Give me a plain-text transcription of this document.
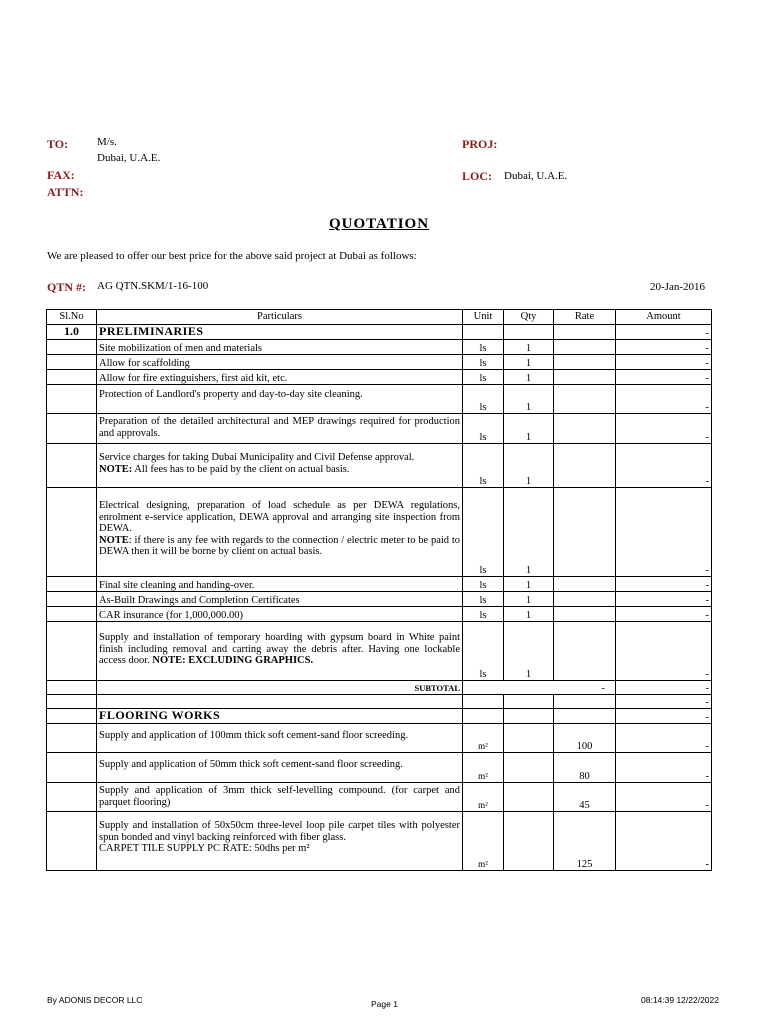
TO:	M/s.
Dubai, U.A.E.
FAX:
ATTN:
PROJ:
LOC: Dubai, U.A.E.
QUOTATION
We are pleased to offer our best price for the above said project at Dubai as follows:
QTN #: AG QTN.SKM/1-16-100	20-Jan-2016
Sl.No	Particulars	Unit	Qty	Rate	Amount
1.0	PRELIMINARIES				-
	Site mobilization of men and materials	ls	1		-
	Allow for scaffolding	ls	1		-
	Allow for fire extinguishers, first aid kit, etc.	ls	1		-
	Protection of Landlord's property and day-to-day site cleaning.	ls	1		-
	Preparation of the detailed architectural and MEP drawings required for production and approvals.	ls	1		-
	Service charges for taking Dubai Municipality and Civil Defense approval.
NOTE: All fees has to be paid by the client on actual basis.	ls	1		-
	Electrical designing, preparation of load schedule as per DEWA regulations, enrolment e-service application, DEWA approval and arranging site inspection from DEWA.
NOTE: if there is any fee with regards to the connection / electric meter to be paid to DEWA then it will be borne by client on actual basis.	ls	1		-
	Final site cleaning and handing-over.	ls	1		-
	As-Built Drawings and Completion Certificates	ls	1		-
	CAR insurance (for 1,000,000.00)	ls	1		-
	Supply and installation of temporary hoarding with gypsum board in White paint finish including removal and carting away the debris after. Having one lockable access door. NOTE: EXCLUDING GRAPHICS.	ls	1		-
	SUBTOTAL	-			-
					-
	FLOORING WORKS				-
	Supply and application of 100mm thick soft cement-sand floor screeding.	m²		100	-
	Supply and application of 50mm thick soft cement-sand floor screeding.	m²		80	-
	Supply and application of 3mm thick self-levelling compound. (for carpet and parquet flooring)	m²		45	-
	Supply and installation of 50x50cm three-level loop pile carpet tiles with polyester spun bonded and vinyl backing reinforced with fiber glass.
CARPET TILE SUPPLY PC RATE: 50dhs per m²	m²		125	-
By ADONIS DECOR LLC	Page 1	08:14:39 12/22/2022
